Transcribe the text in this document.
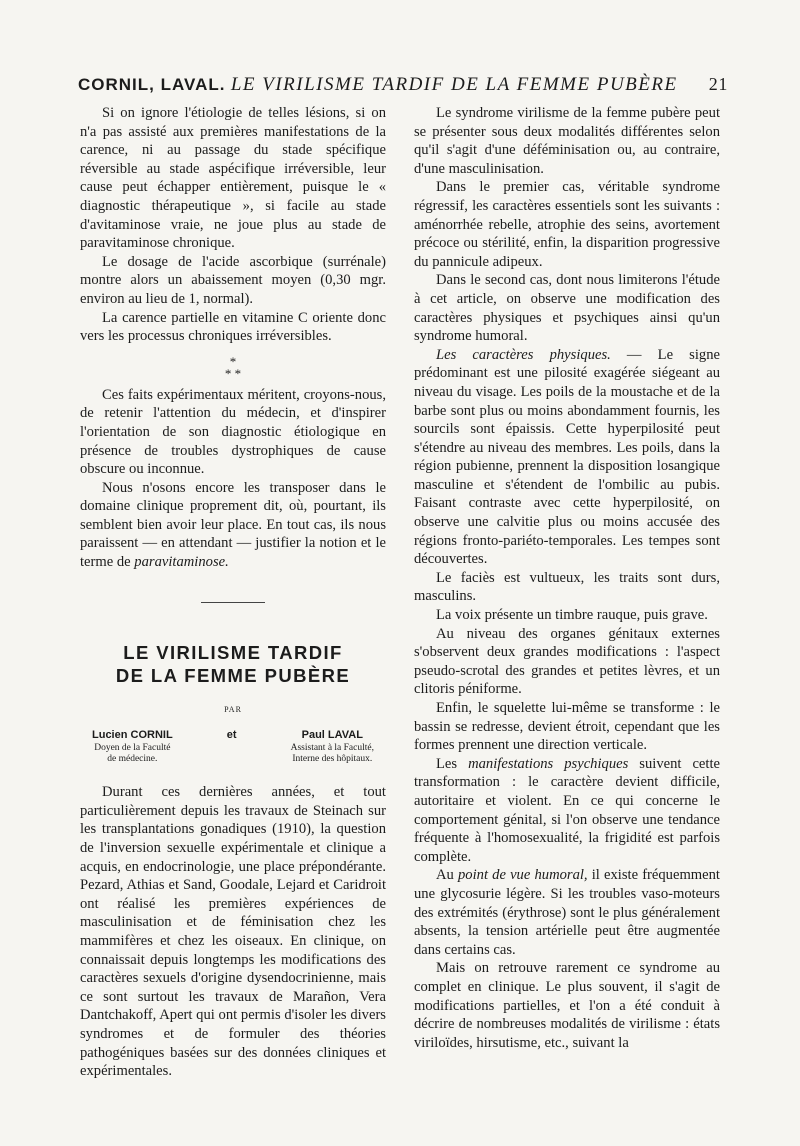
CORNIL, LAVAL. LE VIRILISME TARDIF DE LA FEMME PUBÈRE 21

Si on ignore l'étiologie de telles lésions, si on n'a pas assisté aux premières manifestations de la carence, ni au passage du stade spécifique réversible au stade aspécifique irréversible, leur cause peut échapper entièrement, puisque le « diagnostic thérapeutique », si facile au stade d'avitaminose vraie, ne joue plus au stade de paravitaminose chronique.

Le dosage de l'acide ascorbique (surrénale) montre alors un abaissement moyen (0,30 mgr. environ au lieu de 1, normal).

La carence partielle en vitamine C oriente donc vers les processus chroniques irréversibles.

*
* *

Ces faits expérimentaux méritent, croyons-nous, de retenir l'attention du médecin, et d'inspirer l'orientation de son diagnostic étiologique en présence de troubles dystrophiques de cause obscure ou inconnue.

Nous n'osons encore les transposer dans le domaine clinique proprement dit, où, pourtant, ils semblent bien avoir leur place. En tout cas, ils nous paraissent — en attendant — justifier la notion et le terme de paravitaminose.

LE VIRILISME TARDIF
DE LA FEMME PUBÈRE
PAR
Lucien CORNIL
Doyen de la Faculté
de médecine.
et	Paul LAVAL
Assistant à la Faculté,
Interne des hôpitaux.

Durant ces dernières années, et tout particulièrement depuis les travaux de Steinach sur les transplantations gonadiques (1910), la question de l'inversion sexuelle expérimentale et clinique a acquis, en endocrinologie, une place prépondérante. Pezard, Athias et Sand, Goodale, Lejard et Caridroit ont réalisé les premières expériences de masculinisation et de féminisation chez les mammifères et chez les oiseaux. En clinique, on connaissait depuis longtemps les modifications des caractères sexuels d'origine dysendocrinienne, mais ce sont surtout les travaux de Marañon, Vera Dantchakoff, Apert qui ont permis d'isoler les divers syndromes et de formuler des théories pathogéniques basées sur des données cliniques et expérimentales.

Le syndrome virilisme de la femme pubère peut se présenter sous deux modalités différentes selon qu'il s'agit d'une déféminisation ou, au contraire, d'une masculinisation.

Dans le premier cas, véritable syndrome régressif, les caractères essentiels sont les suivants : aménorrhée rebelle, atrophie des seins, avortement précoce ou stérilité, enfin, la disparition progressive du pannicule adipeux.

Dans le second cas, dont nous limiterons l'étude à cet article, on observe une modification des caractères physiques et psychiques ainsi qu'un syndrome humoral.

Les caractères physiques. — Le signe prédominant est une pilosité exagérée siégeant au niveau du visage. Les poils de la moustache et de la barbe sont plus ou moins abondamment fournis, les sourcils sont épaissis. Cette hyperpilosité peut s'étendre au niveau des membres. Les poils, dans la région pubienne, prennent la disposition losangique masculine et s'étendent de l'ombilic au pubis. Faisant contraste avec cette hyperpilosité, on observe une calvitie plus ou moins accusée des régions fronto-pariéto-temporales. Les tempes sont découvertes.

Le faciès est vultueux, les traits sont durs, masculins.

La voix présente un timbre rauque, puis grave.

Au niveau des organes génitaux externes s'observent deux grandes modifications : l'aspect pseudo-scrotal des grandes et petites lèvres, et un clitoris péniforme.

Enfin, le squelette lui-même se transforme : le bassin se redresse, devient étroit, cependant que les formes prennent une direction verticale.

Les manifestations psychiques suivent cette transformation : le caractère devient difficile, autoritaire et violent. En ce qui concerne le comportement génital, si l'on observe une tendance fréquente à l'homosexualité, la frigidité est parfois complète.

Au point de vue humoral, il existe fréquemment une glycosurie légère. Si les troubles vaso-moteurs des extrémités (érythrose) sont le plus généralement absents, la tension artérielle peut être augmentée dans certains cas.

Mais on retrouve rarement ce syndrome au complet en clinique. Le plus souvent, il s'agit de modifications partielles, et l'on a été conduit à décrire de nombreuses modalités de virilisme : états viriloïdes, hirsutisme, etc., suivant la
